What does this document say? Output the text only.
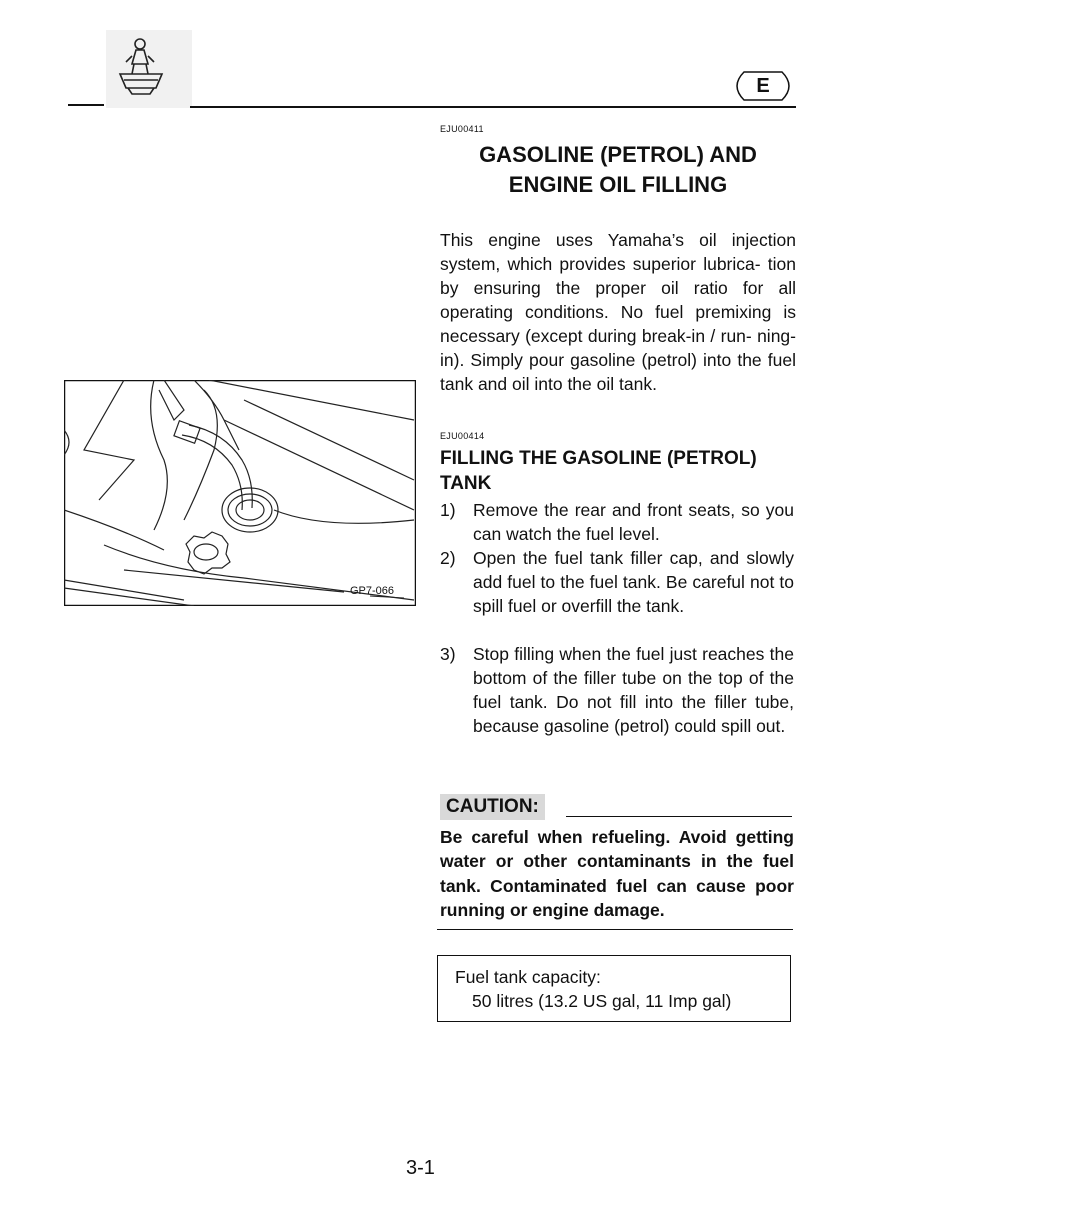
E
EJU00411
GASOLINE (PETROL) AND
ENGINE OIL FILLING
This engine uses Yamaha’s oil injection system, which provides superior lubrica- tion by ensuring the proper oil ratio for all operating conditions. No fuel premixing is necessary (except during break-in / run- ning-in). Simply pour gasoline (petrol) into the fuel tank and oil into the oil tank.
EJU00414
FILLING THE GASOLINE (PETROL)
TANK
1) Remove the rear and front seats, so you can watch the fuel level.
2) Open the fuel tank filler cap, and slowly add fuel to the fuel tank. Be careful not to spill fuel or overfill the tank.
3) Stop filling when the fuel just reaches the bottom of the filler tube on the top of the fuel tank. Do not fill into the filler tube, because gasoline (petrol) could spill out.
CAUTION:
Be careful when refueling. Avoid getting water or other contaminants in the fuel tank. Contaminated fuel can cause poor running or engine damage.
Fuel tank capacity:
50 litres (13.2 US gal, 11 Imp gal)
GP7-066
3-1
